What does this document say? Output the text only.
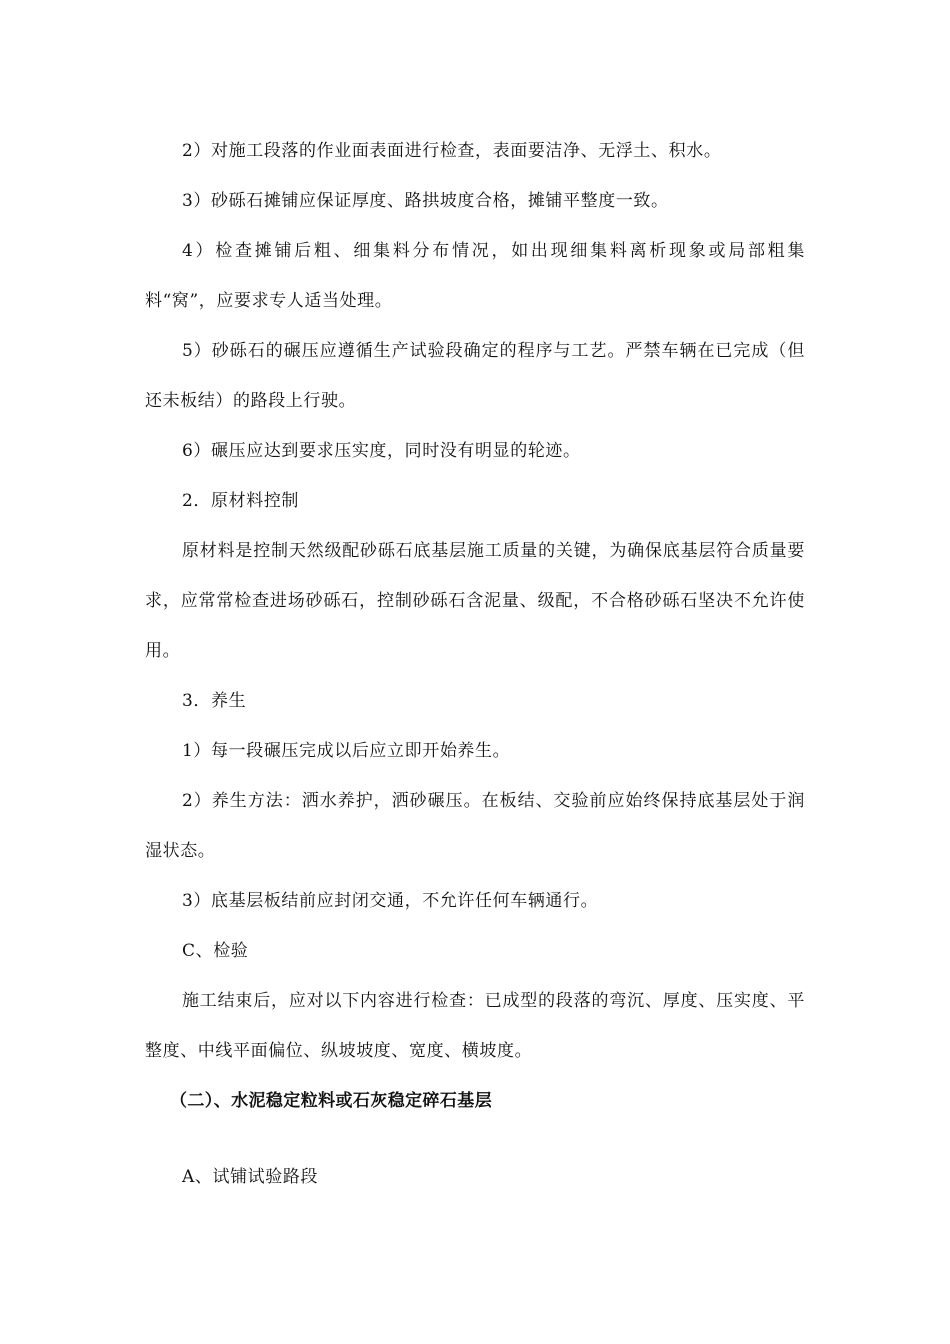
2）对施工段落的作业面表面进行检查，表面要洁净、无浮土、积水。

3）砂砾石摊铺应保证厚度、路拱坡度合格，摊铺平整度一致。

4）检查摊铺后粗、细集料分布情况，如出现细集料离析现象或局部粗集料“窝”，应要求专人适当处理。

5）砂砾石的碾压应遵循生产试验段确定的程序与工艺。严禁车辆在已完成（但还未板结）的路段上行驶。

6）碾压应达到要求压实度，同时没有明显的轮迹。

2．原材料控制

原材料是控制天然级配砂砾石底基层施工质量的关键，为确保底基层符合质量要求，应常常检查进场砂砾石，控制砂砾石含泥量、级配，不合格砂砾石坚决不允许使用。

3．养生

1）每一段碾压完成以后应立即开始养生。

2）养生方法：洒水养护，洒砂碾压。在板结、交验前应始终保持底基层处于润湿状态。

3）底基层板结前应封闭交通，不允许任何车辆通行。

C、检验

施工结束后，应对以下内容进行检查：已成型的段落的弯沉、厚度、压实度、平整度、中线平面偏位、纵坡坡度、宽度、横坡度。

（二）、水泥稳定粒料或石灰稳定碎石基层

A、试铺试验路段
